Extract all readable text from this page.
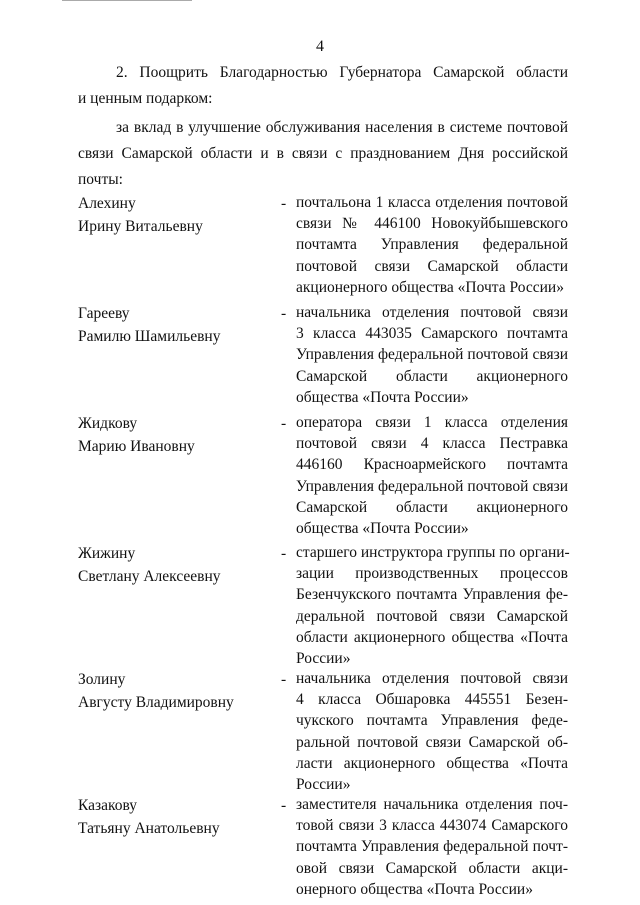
4
2. Поощрить Благодарностью Губернатора Самарской области
и ценным подарком:
за вклад в улучшение обслуживания населения в системе почтовой
связи Самарской области и в связи с празднованием Дня российской
почты:
Алехину
Ирину Витальевну
- почтальона 1 класса отделения почтовой
связи № 446100 Новокуйбышевского
почтамта Управления федеральной
почтовой связи Самарской области
акционерного общества «Почта России»
Гарееву
Рамилю Шамильевну
- начальника отделения почтовой связи
3 класса 443035 Самарского почтамта
Управления федеральной почтовой связи
Самарской области акционерного
общества «Почта России»
Жидкову
Марию Ивановну
- оператора связи 1 класса отделения
почтовой связи 4 класса Пестравка
446160 Красноармейского почтамта
Управления федеральной почтовой связи
Самарской области акционерного
общества «Почта России»
Жижину
Светлану Алексеевну
- старшего инструктора группы по органи-
зации производственных процессов
Безенчукского почтамта Управления фе-
деральной почтовой связи Самарской
области акционерного общества «Почта
России»
Золину
Августу Владимировну
- начальника отделения почтовой связи
4 класса Обшаровка 445551 Безен-
чукского почтамта Управления феде-
ральной почтовой связи Самарской об-
ласти акционерного общества «Почта
России»
Казакову
Татьяну Анатольевну
- заместителя начальника отделения поч-
товой связи 3 класса 443074 Самарского
почтамта Управления федеральной почт-
овой связи Самарской области акци-
онерного общества «Почта России»
